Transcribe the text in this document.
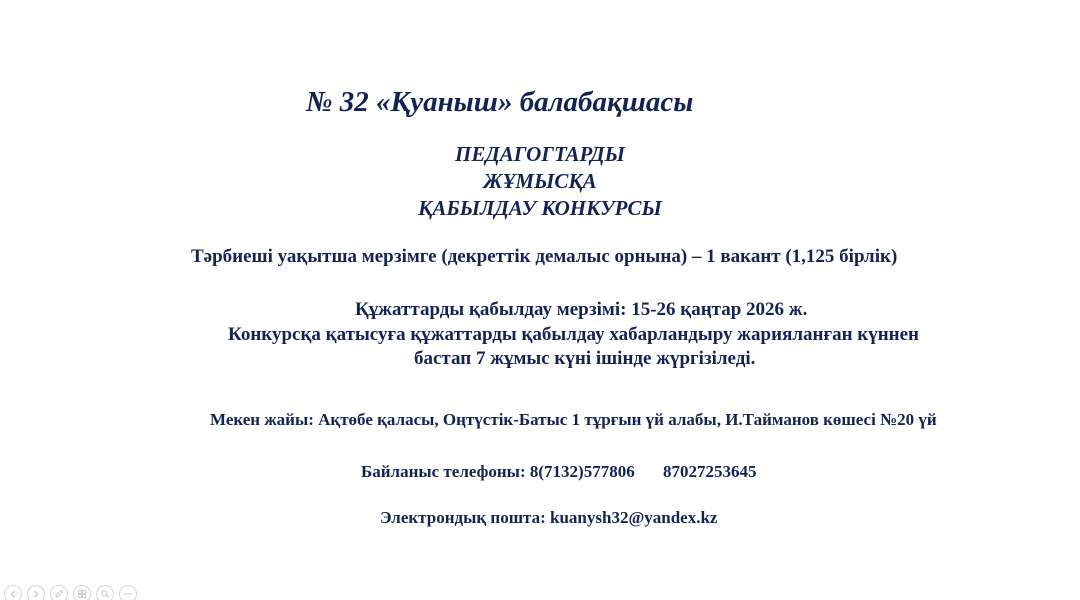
№ 32 «Қуаныш» балабақшасы

ПЕДАГОГТАРДЫ

ЖҰМЫСҚА

ҚАБЫЛДАУ КОНКУРСЫ

Тәрбиеші уақытша мерзімге (декреттік демалыс орнына) – 1 вакант (1,125 бірлік)

Құжаттарды қабылдау мерзімі: 15-26 қаңтар 2026 ж.

Конкурсқа қатысуға құжаттарды қабылдау хабарландыру жарияланған күннен

бастап 7 жұмыс күні ішінде жүргізіледі.

Мекен жайы: Ақтөбе қаласы, Оңтүстік-Батыс 1 тұрғын үй алабы, И.Тайманов көшесі №20 үй

Байланыс телефоны: 8(7132)577806 87027253645

Электрондық пошта: kuanysh32@yandex.kz
